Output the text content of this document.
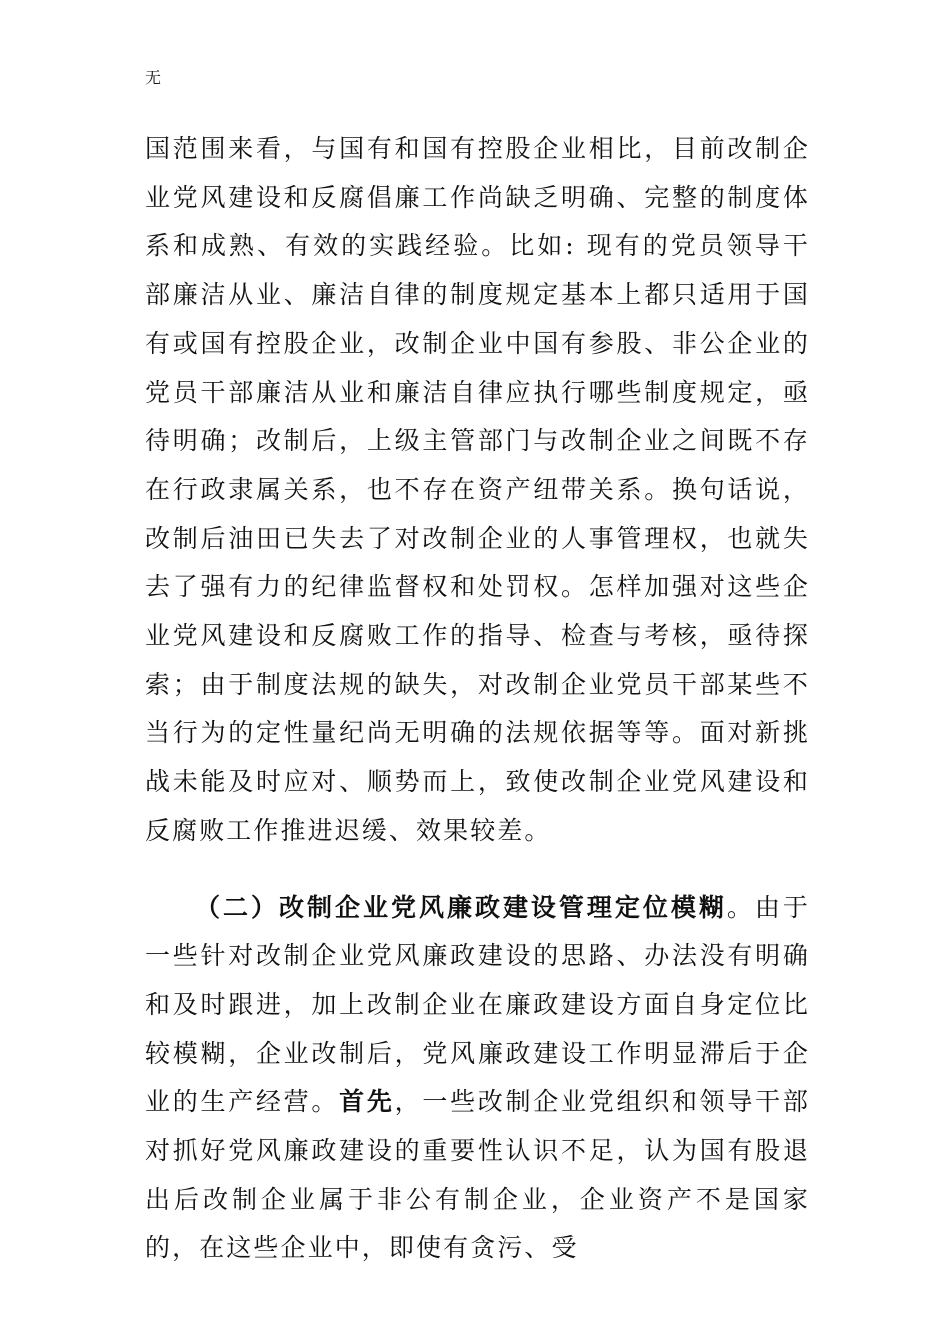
无

国范围来看，与国有和国有控股企业相比，目前改制企业党风建设和反腐倡廉工作尚缺乏明确、完整的制度体系和成熟、有效的实践经验。比如: 现有的党员领导干部廉洁从业、廉洁自律的制度规定基本上都只适用于国有或国有控股企业，改制企业中国有参股、非公企业的党员干部廉洁从业和廉洁自律应执行哪些制度规定，亟待明确；改制后，上级主管部门与改制企业之间既不存在行政隶属关系，也不存在资产纽带关系。换句话说，改制后油田已失去了对改制企业的人事管理权，也就失去了强有力的纪律监督权和处罚权。怎样加强对这些企业党风建设和反腐败工作的指导、检查与考核，亟待探索；由于制度法规的缺失，对改制企业党员干部某些不当行为的定性量纪尚无明确的法规依据等等。面对新挑战未能及时应对、顺势而上，致使改制企业党风建设和反腐败工作推进迟缓、效果较差。

（二）改制企业党风廉政建设管理定位模糊。由于一些针对改制企业党风廉政建设的思路、办法没有明确和及时跟进，加上改制企业在廉政建设方面自身定位比较模糊，企业改制后，党风廉政建设工作明显滞后于企业的生产经营。首先，一些改制企业党组织和领导干部对抓好党风廉政建设的重要性认识不足，认为国有股退出后改制企业属于非公有制企业，企业资产不是国家的，在这些企业中，即使有贪污、受
